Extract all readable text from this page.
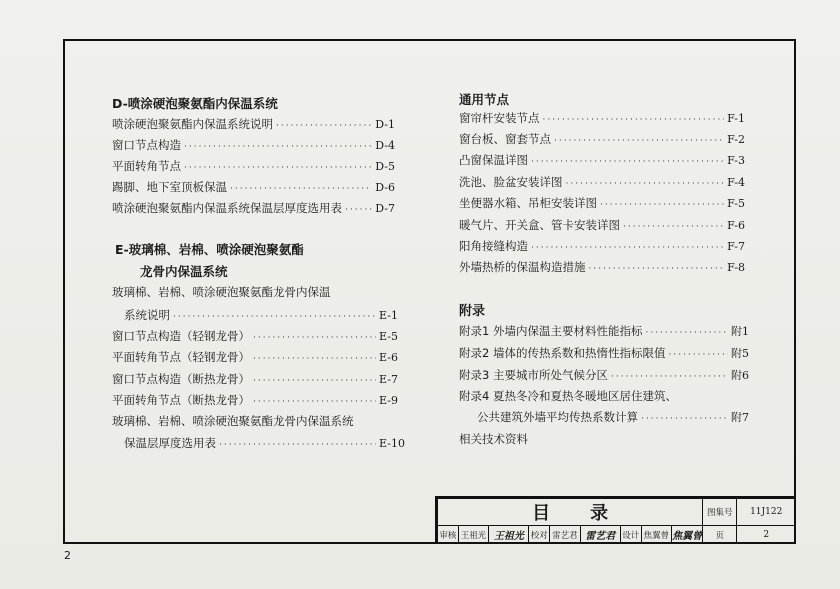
D-喷涂硬泡聚氨酯内保温系统
喷涂硬泡聚氨酯内保温系统说明 ·····	D-1
窗口节点构造 ·····	D-4
平面转角节点 ·····	D-5
踢脚、地下室顶板保温 ·····	D-6
喷涂硬泡聚氨酯内保温系统保温层厚度选用表 ·····	D-7
E-玻璃棉、岩棉、喷涂硬泡聚氨酯
龙骨内保温系统
玻璃棉、岩棉、喷涂硬泡聚氨酯龙骨内保温
系统说明 ·····	E-1
窗口节点构造（轻钢龙骨） ·····	E-5
平面转角节点（轻钢龙骨） ·····	E-6
窗口节点构造（断热龙骨） ·····	E-7
平面转角节点（断热龙骨） ·····	E-9
玻璃棉、岩棉、喷涂硬泡聚氨酯龙骨内保温系统
保温层厚度选用表 ·····	E-10
通用节点
窗帘杆安装节点 ·····	F-1
窗台板、窗套节点 ·····	F-2
凸窗保温详图 ·····	F-3
洗池、脸盆安装详图 ·····	F-4
坐便器水箱、吊柜安装详图 ·····	F-5
暖气片、开关盒、管卡安装详图 ·····	F-6
阳角接缝构造 ·····	F-7
外墙热桥的保温构造措施 ·····	F-8
附录
附录1 外墙内保温主要材料性能指标 ·····	附1
附录2 墙体的传热系数和热惰性指标限值 ·····	附5
附录3 主要城市所处气候分区 ·····	附6
附录4 夏热冬冷和夏热冬暖地区居住建筑、
公共建筑外墙平均传热系数计算 ·····	附7
相关技术资料
目录									图集号	11J122
审核	王祖光	王祖光	校对	雷艺君	雷艺君	设计	焦翼曾	焦翼曾	页	2
2
